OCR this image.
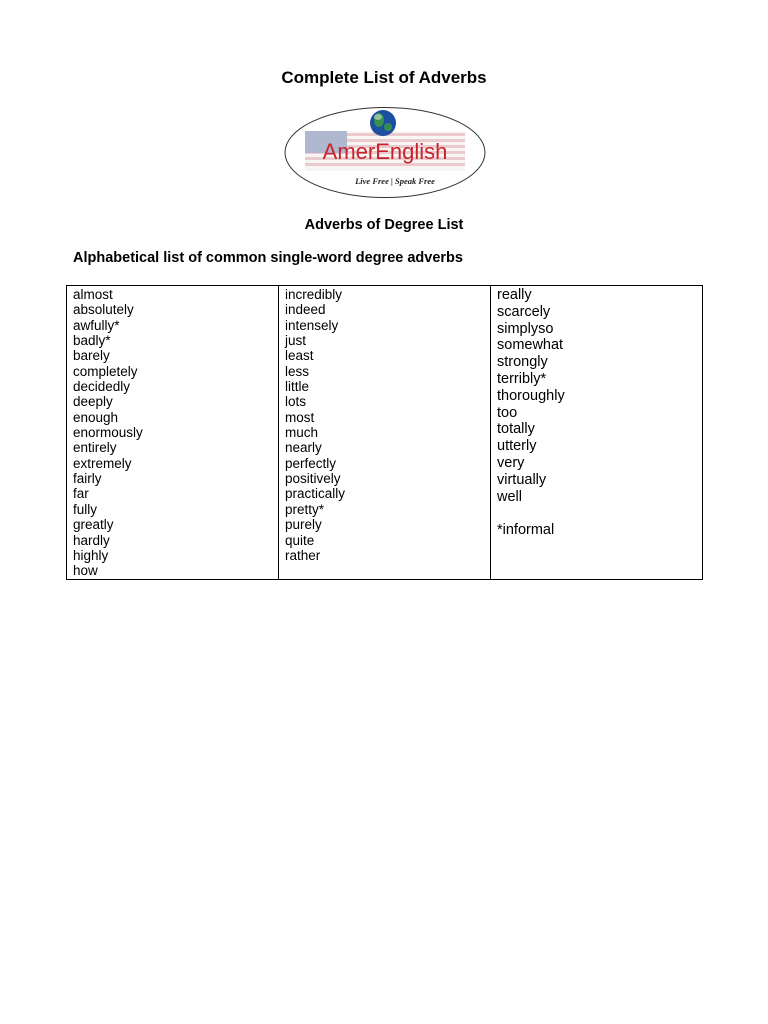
Complete List of Adverbs
AmerEnglish
Live Free | Speak Free
Adverbs of Degree List
Alphabetical list of common single-word degree adverbs
almost
absolutely
awfully*
badly*
barely
completely
decidedly
deeply
enough
enormously
entirely
extremely
fairly
far
fully
greatly
hardly
highly
how
incredibly
indeed
intensely
just
least
less
little
lots
most
much
nearly
perfectly
positively
practically
pretty*
purely
quite
rather
really
scarcely
simplyso
somewhat
strongly
terribly*
thoroughly
too
totally
utterly
very
virtually
well
*informal
